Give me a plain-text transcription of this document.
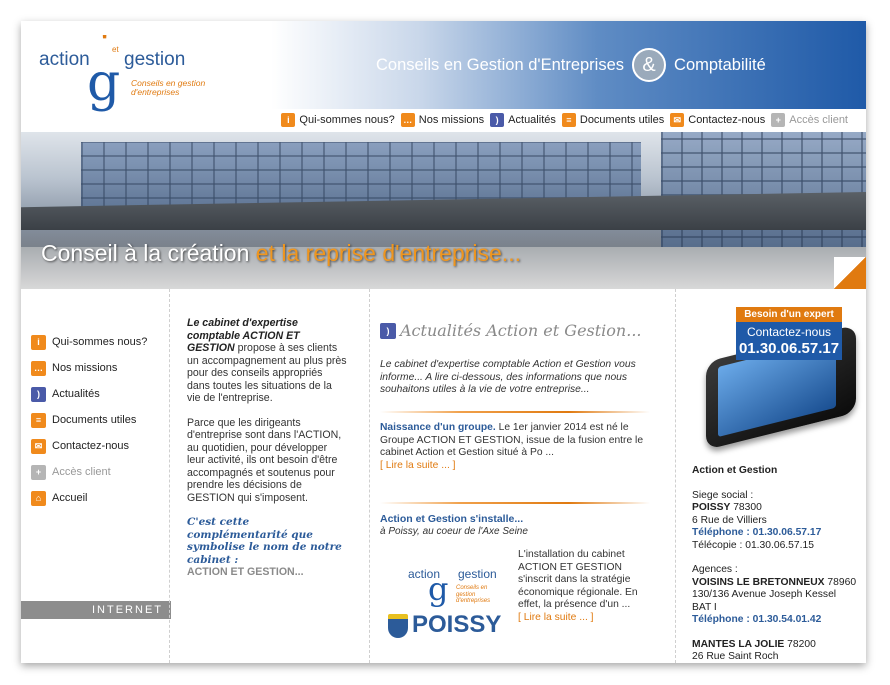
'''
action	et gestion
g Conseils en gestion d'entreprises
Conseils en Gestion d'Entreprises &	Comptabilité
i Qui-sommes nous? … Nos missions	) Actualités	≡ Documents utiles	✉ Contactez-nous	+ Accès client
Conseil à la création et la reprise d'entreprise...
i	Qui-sommes nous?
… Nos missions
)	Actualités
≡ Documents utiles
✉ Contactez-nous
+ Accès client
⌂ Accueil
INTERNET

Le cabinet d'expertise comptable ACTION ET GESTION propose à ses clients un accompagnement au plus près pour des conseils appropriés dans toutes les situations de la vie de l'entreprise.

Parce que les dirigeants d'entreprise sont dans l'ACTION, au quotidien, pour développer leur activité, ils ont besoin d'être accompagnés et soutenus pour prendre les décisions de GESTION qui s'imposent.

C'est cette complémentarité que symbolise le nom de notre cabinet :
ACTION ET GESTION...

) Actualités Action et Gestion...
Le cabinet d'expertise comptable Action et Gestion vous informe... A lire ci-dessous, des informations que nous souhaitons utiles à la vie de votre entreprise...
Naissance d'un groupe. Le 1er janvier 2014 est né le Groupe ACTION ET GESTION, issue de la fusion entre le cabinet Action et Gestion situé à Po ...
[ Lire la suite ... ]
Action et Gestion s'installe...
à Poissy, au coeur de l'Axe Seine
action gestion
g Conseils en gestion d'entreprises
POISSY
L'installation du cabinet ACTION ET GESTION s'inscrit dans la stratégie économique régionale. En effet, la présence d'un ...
[ Lire la suite ... ]
Besoin d'un expert
Contactez-nous
01.30.06.57.17
Action et Gestion
Siege social :
POISSY 78300
6 Rue de Villiers
Téléphone : 01.30.06.57.17
Télécopie : 01.30.06.57.15
Agences :
VOISINS LE BRETONNEUX 78960
130/136 Avenue Joseph Kessel
BAT I
Téléphone : 01.30.54.01.42
MANTES LA JOLIE 78200
26 Rue Saint Roch
